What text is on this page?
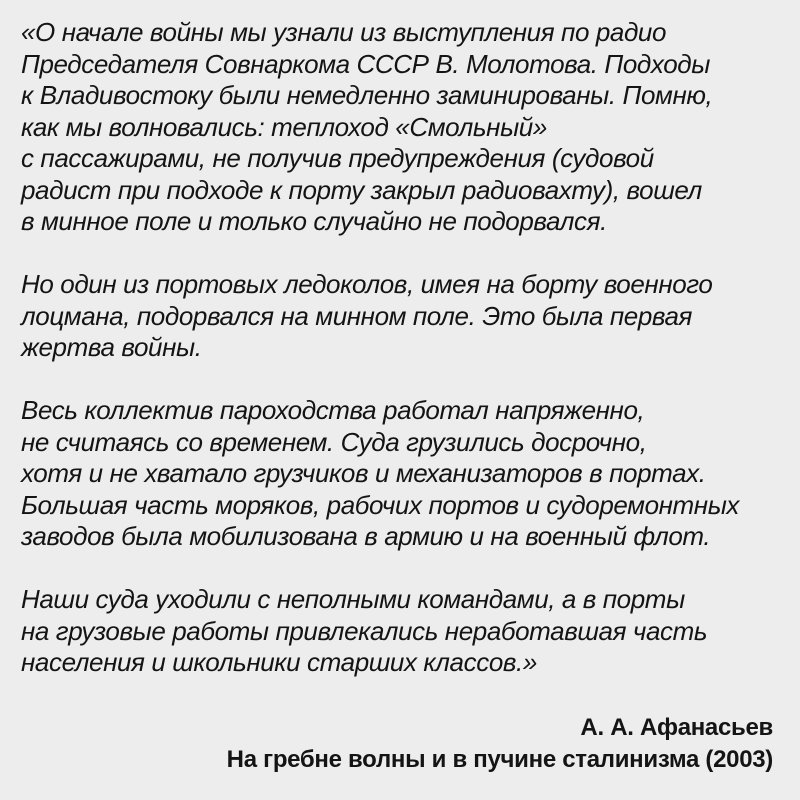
«О начале войны мы узнали из выступления по радио
Председателя Совнаркома СССР В. Молотова. Подходы
к Владивостоку были немедленно заминированы. Помню,
как мы волновались: теплоход «Смольный»
с пассажирами, не получив предупреждения (судовой
радист при подходе к порту закрыл радиовахту), вошел
в минное поле и только случайно не подорвался.
Но один из портовых ледоколов, имея на борту военного
лоцмана, подорвался на минном поле. Это была первая
жертва войны.
Весь коллектив пароходства работал напряженно,
не считаясь со временем. Суда грузились досрочно,
хотя и не хватало грузчиков и механизаторов в портах.
Большая часть моряков, рабочих портов и судоремонтных
заводов была мобилизована в армию и на военный флот.
Наши суда уходили с неполными командами, а в порты
на грузовые работы привлекались неработавшая часть
населения и школьники старших классов.»
А. А. Афанасьев
На гребне волны и в пучине сталинизма (2003)
